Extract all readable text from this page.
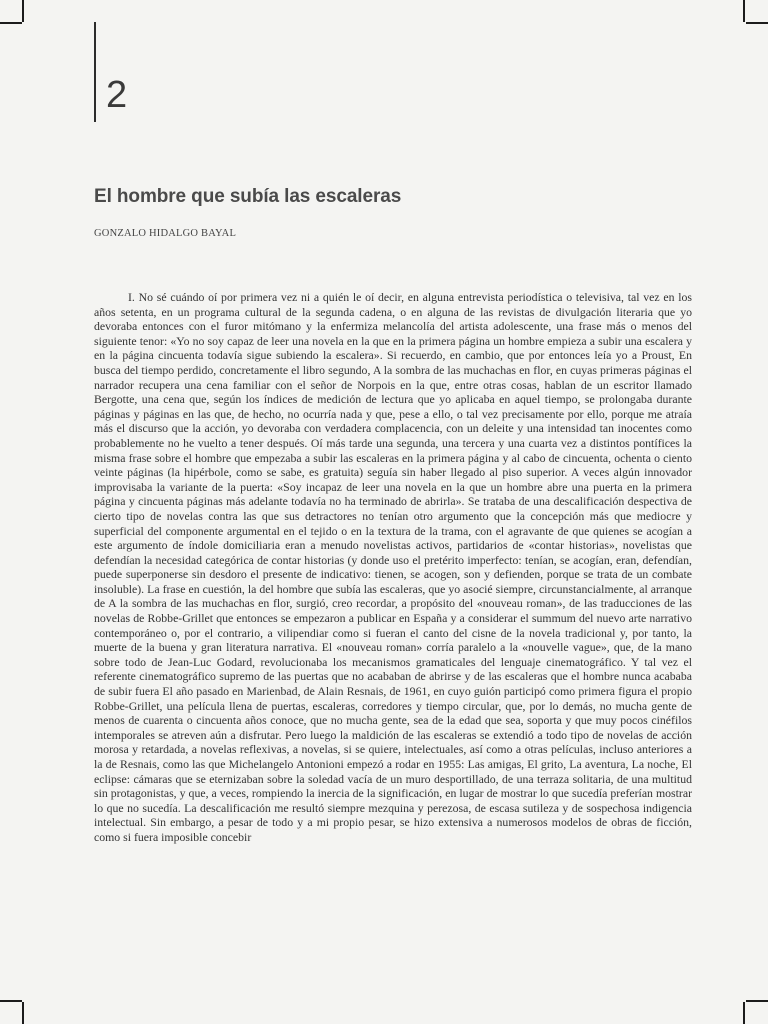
2
El hombre que subía las escaleras

GONZALO HIDALGO BAYAL

I. No sé cuándo oí por primera vez ni a quién le oí decir, en alguna entrevista periodística o televisiva, tal vez en los años setenta, en un programa cultural de la segunda cadena, o en alguna de las revistas de divulgación literaria que yo devoraba entonces con el furor mitómano y la enfermiza melancolía del artista adolescente, una frase más o menos del siguiente tenor: «Yo no soy capaz de leer una novela en la que en la primera página un hombre empieza a subir una escalera y en la página cincuenta todavía sigue subiendo la escalera». Si recuerdo, en cambio, que por entonces leía yo a Proust, En busca del tiempo perdido, concretamente el libro segundo, A la sombra de las muchachas en flor, en cuyas primeras páginas el narrador recupera una cena familiar con el señor de Norpois en la que, entre otras cosas, hablan de un escritor llamado Bergotte, una cena que, según los índices de medición de lectura que yo aplicaba en aquel tiempo, se prolongaba durante páginas y páginas en las que, de hecho, no ocurría nada y que, pese a ello, o tal vez precisamente por ello, porque me atraía más el discurso que la acción, yo devoraba con verdadera complacencia, con un deleite y una intensidad tan inocentes como probablemente no he vuelto a tener después. Oí más tarde una segunda, una tercera y una cuarta vez a distintos pontífices la misma frase sobre el hombre que empezaba a subir las escaleras en la primera página y al cabo de cincuenta, ochenta o ciento veinte páginas (la hipérbole, como se sabe, es gratuita) seguía sin haber llegado al piso superior. A veces algún innovador improvisaba la variante de la puerta: «Soy incapaz de leer una novela en la que un hombre abre una puerta en la primera página y cincuenta páginas más adelante todavía no ha terminado de abrirla». Se trataba de una descalificación despectiva de cierto tipo de novelas contra las que sus detractores no tenían otro argumento que la concepción más que mediocre y superficial del componente argumental en el tejido o en la textura de la trama, con el agravante de que quienes se acogían a este argumento de índole domiciliaria eran a menudo novelistas activos, partidarios de «contar historias», novelistas que defendían la necesidad categórica de contar historias (y donde uso el pretérito imperfecto: tenían, se acogían, eran, defendían, puede superponerse sin desdoro el presente de indicativo: tienen, se acogen, son y defienden, porque se trata de un combate insoluble). La frase en cuestión, la del hombre que subía las escaleras, que yo asocié siempre, circunstancialmente, al arranque de A la sombra de las muchachas en flor, surgió, creo recordar, a propósito del «nouveau roman», de las traducciones de las novelas de Robbe-Grillet que entonces se empezaron a publicar en España y a considerar el summum del nuevo arte narrativo contemporáneo o, por el contrario, a vilipendiar como si fueran el canto del cisne de la novela tradicional y, por tanto, la muerte de la buena y gran literatura narrativa. El «nouveau roman» corría paralelo a la «nouvelle vague», que, de la mano sobre todo de Jean-Luc Godard, revolucionaba los mecanismos gramaticales del lenguaje cinematográfico. Y tal vez el referente cinematográfico supremo de las puertas que no acababan de abrirse y de las escaleras que el hombre nunca acababa de subir fuera El año pasado en Marienbad, de Alain Resnais, de 1961, en cuyo guión participó como primera figura el propio Robbe-Grillet, una película llena de puertas, escaleras, corredores y tiempo circular, que, por lo demás, no mucha gente de menos de cuarenta o cincuenta años conoce, que no mucha gente, sea de la edad que sea, soporta y que muy pocos cinéfilos intemporales se atreven aún a disfrutar. Pero luego la maldición de las escaleras se extendió a todo tipo de novelas de acción morosa y retardada, a novelas reflexivas, a novelas, si se quiere, intelectuales, así como a otras películas, incluso anteriores a la de Resnais, como las que Michelangelo Antonioni empezó a rodar en 1955: Las amigas, El grito, La aventura, La noche, El eclipse: cámaras que se eternizaban sobre la soledad vacía de un muro desportillado, de una terraza solitaria, de una multitud sin protagonistas, y que, a veces, rompiendo la inercia de la significación, en lugar de mostrar lo que sucedía preferían mostrar lo que no sucedía. La descalificación me resultó siempre mezquina y perezosa, de escasa sutileza y de sospechosa indigencia intelectual. Sin embargo, a pesar de todo y a mi propio pesar, se hizo extensiva a numerosos modelos de obras de ficción, como si fuera imposible concebir
